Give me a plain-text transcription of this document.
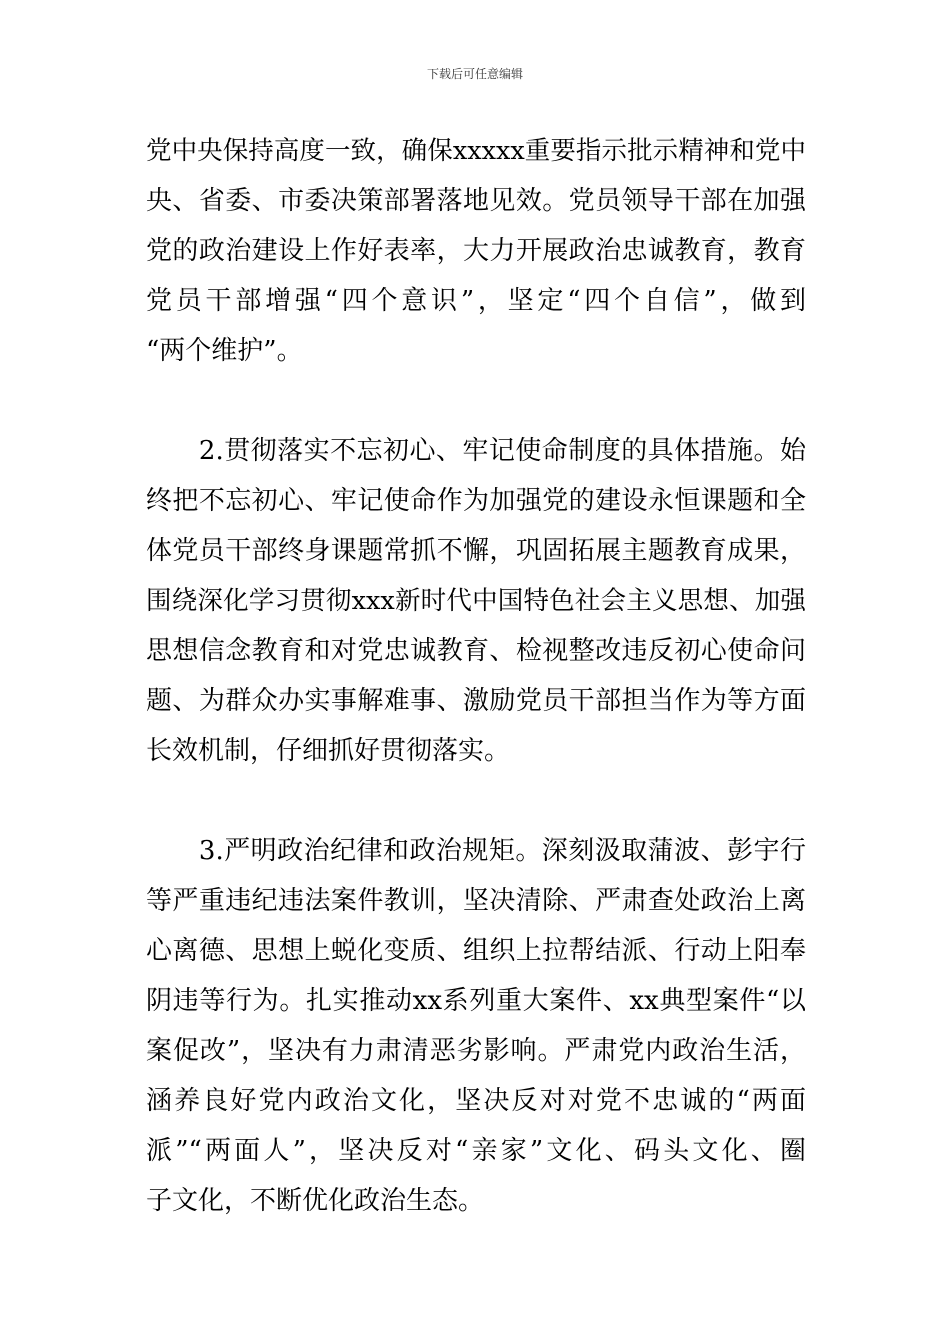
下载后可任意编辑
党中央保持高度一致，确保xxxxx重要指示批示精神和党中
央、省委、市委决策部署落地见效。党员领导干部在加强
党的政治建设上作好表率，大力开展政治忠诚教育，教育
党员干部增强“四个意识”，坚定“四个自信”，做到
“两个维护”。
　　2.贯彻落实不忘初心、牢记使命制度的具体措施。始
终把不忘初心、牢记使命作为加强党的建设永恒课题和全
体党员干部终身课题常抓不懈，巩固拓展主题教育成果，
围绕深化学习贯彻xxx新时代中国特色社会主义思想、加强
思想信念教育和对党忠诚教育、检视整改违反初心使命问
题、为群众办实事解难事、激励党员干部担当作为等方面
长效机制，仔细抓好贯彻落实。
　　3.严明政治纪律和政治规矩。深刻汲取蒲波、彭宇行
等严重违纪违法案件教训，坚决清除、严肃查处政治上离
心离德、思想上蜕化变质、组织上拉帮结派、行动上阳奉
阴违等行为。扎实推动xx系列重大案件、xx典型案件“以
案促改”，坚决有力肃清恶劣影响。严肃党内政治生活，
涵养良好党内政治文化，坚决反对对党不忠诚的“两面
派”“两面人”，坚决反对“亲家”文化、码头文化、圈
子文化，不断优化政治生态。
